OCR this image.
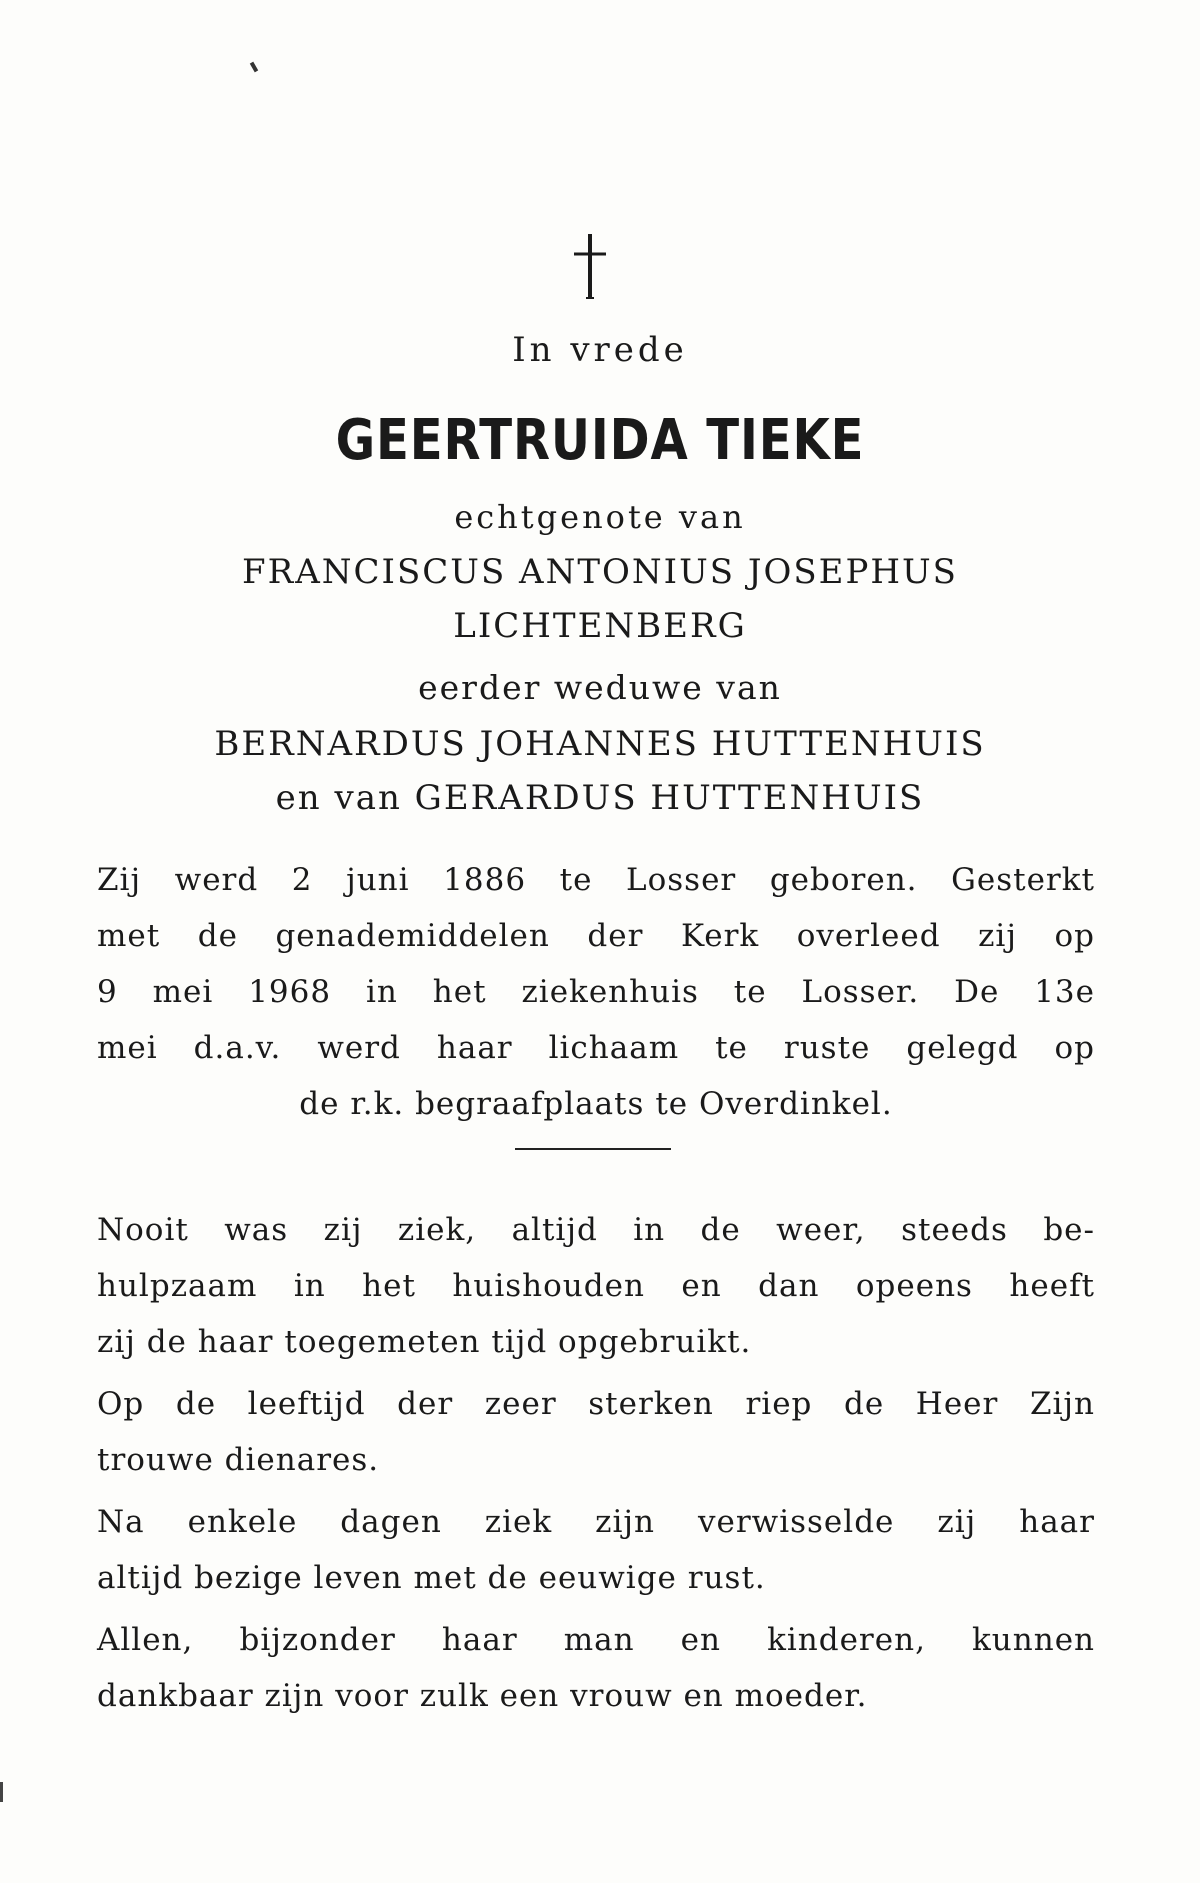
In vrede
GEERTRUIDA TIEKE
echtgenote van
FRANCISCUS ANTONIUS JOSEPHUS
LICHTENBERG
eerder weduwe van
BERNARDUS JOHANNES HUTTENHUIS
en van GERARDUS HUTTENHUIS
Zij werd 2 juni 1886 te Losser geboren. Gesterkt
met de genademiddelen der Kerk overleed zij op
9 mei 1968 in het ziekenhuis te Losser. De 13e
mei d.a.v. werd haar lichaam te ruste gelegd op
de r.k. begraafplaats te Overdinkel.
Nooit was zij ziek, altijd in de weer, steeds be-
hulpzaam in het huishouden en dan opeens heeft
zij de haar toegemeten tijd opgebruikt.
Op de leeftijd der zeer sterken riep de Heer Zijn
trouwe dienares.
Na enkele dagen ziek zijn verwisselde zij haar
altijd bezige leven met de eeuwige rust.
Allen, bijzonder haar man en kinderen, kunnen
dankbaar zijn voor zulk een vrouw en moeder.
